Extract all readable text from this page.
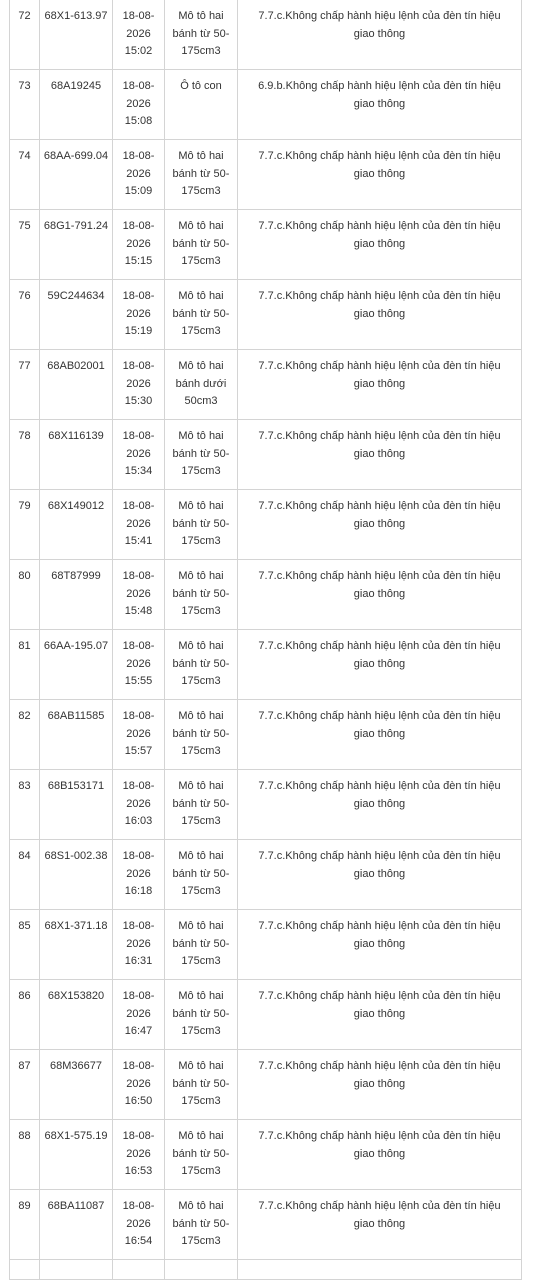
72	68X1-613.97	18-08-2026 15:02	Mô tô hai bánh từ 50-175cm3	7.7.c.Không chấp hành hiệu lệnh của đèn tín hiệu giao thông
73	68A19245	18-08-2026 15:08	Ô tô con	6.9.b.Không chấp hành hiệu lệnh của đèn tín hiệu giao thông
74	68AA-699.04	18-08-2026 15:09	Mô tô hai bánh từ 50-175cm3	7.7.c.Không chấp hành hiệu lệnh của đèn tín hiệu giao thông
75	68G1-791.24	18-08-2026 15:15	Mô tô hai bánh từ 50-175cm3	7.7.c.Không chấp hành hiệu lệnh của đèn tín hiệu giao thông
76	59C244634	18-08-2026 15:19	Mô tô hai bánh từ 50-175cm3	7.7.c.Không chấp hành hiệu lệnh của đèn tín hiệu giao thông
77	68AB02001	18-08-2026 15:30	Mô tô hai bánh dưới 50cm3	7.7.c.Không chấp hành hiệu lệnh của đèn tín hiệu giao thông
78	68X116139	18-08-2026 15:34	Mô tô hai bánh từ 50-175cm3	7.7.c.Không chấp hành hiệu lệnh của đèn tín hiệu giao thông
79	68X149012	18-08-2026 15:41	Mô tô hai bánh từ 50-175cm3	7.7.c.Không chấp hành hiệu lệnh của đèn tín hiệu giao thông
80	68T87999	18-08-2026 15:48	Mô tô hai bánh từ 50-175cm3	7.7.c.Không chấp hành hiệu lệnh của đèn tín hiệu giao thông
81	66AA-195.07	18-08-2026 15:55	Mô tô hai bánh từ 50-175cm3	7.7.c.Không chấp hành hiệu lệnh của đèn tín hiệu giao thông
82	68AB11585	18-08-2026 15:57	Mô tô hai bánh từ 50-175cm3	7.7.c.Không chấp hành hiệu lệnh của đèn tín hiệu giao thông
83	68B153171	18-08-2026 16:03	Mô tô hai bánh từ 50-175cm3	7.7.c.Không chấp hành hiệu lệnh của đèn tín hiệu giao thông
84	68S1-002.38	18-08-2026 16:18	Mô tô hai bánh từ 50-175cm3	7.7.c.Không chấp hành hiệu lệnh của đèn tín hiệu giao thông
85	68X1-371.18	18-08-2026 16:31	Mô tô hai bánh từ 50-175cm3	7.7.c.Không chấp hành hiệu lệnh của đèn tín hiệu giao thông
86	68X153820	18-08-2026 16:47	Mô tô hai bánh từ 50-175cm3	7.7.c.Không chấp hành hiệu lệnh của đèn tín hiệu giao thông
87	68M36677	18-08-2026 16:50	Mô tô hai bánh từ 50-175cm3	7.7.c.Không chấp hành hiệu lệnh của đèn tín hiệu giao thông
88	68X1-575.19	18-08-2026 16:53	Mô tô hai bánh từ 50-175cm3	7.7.c.Không chấp hành hiệu lệnh của đèn tín hiệu giao thông
89	68BA11087	18-08-2026 16:54	Mô tô hai bánh từ 50-175cm3	7.7.c.Không chấp hành hiệu lệnh của đèn tín hiệu giao thông
